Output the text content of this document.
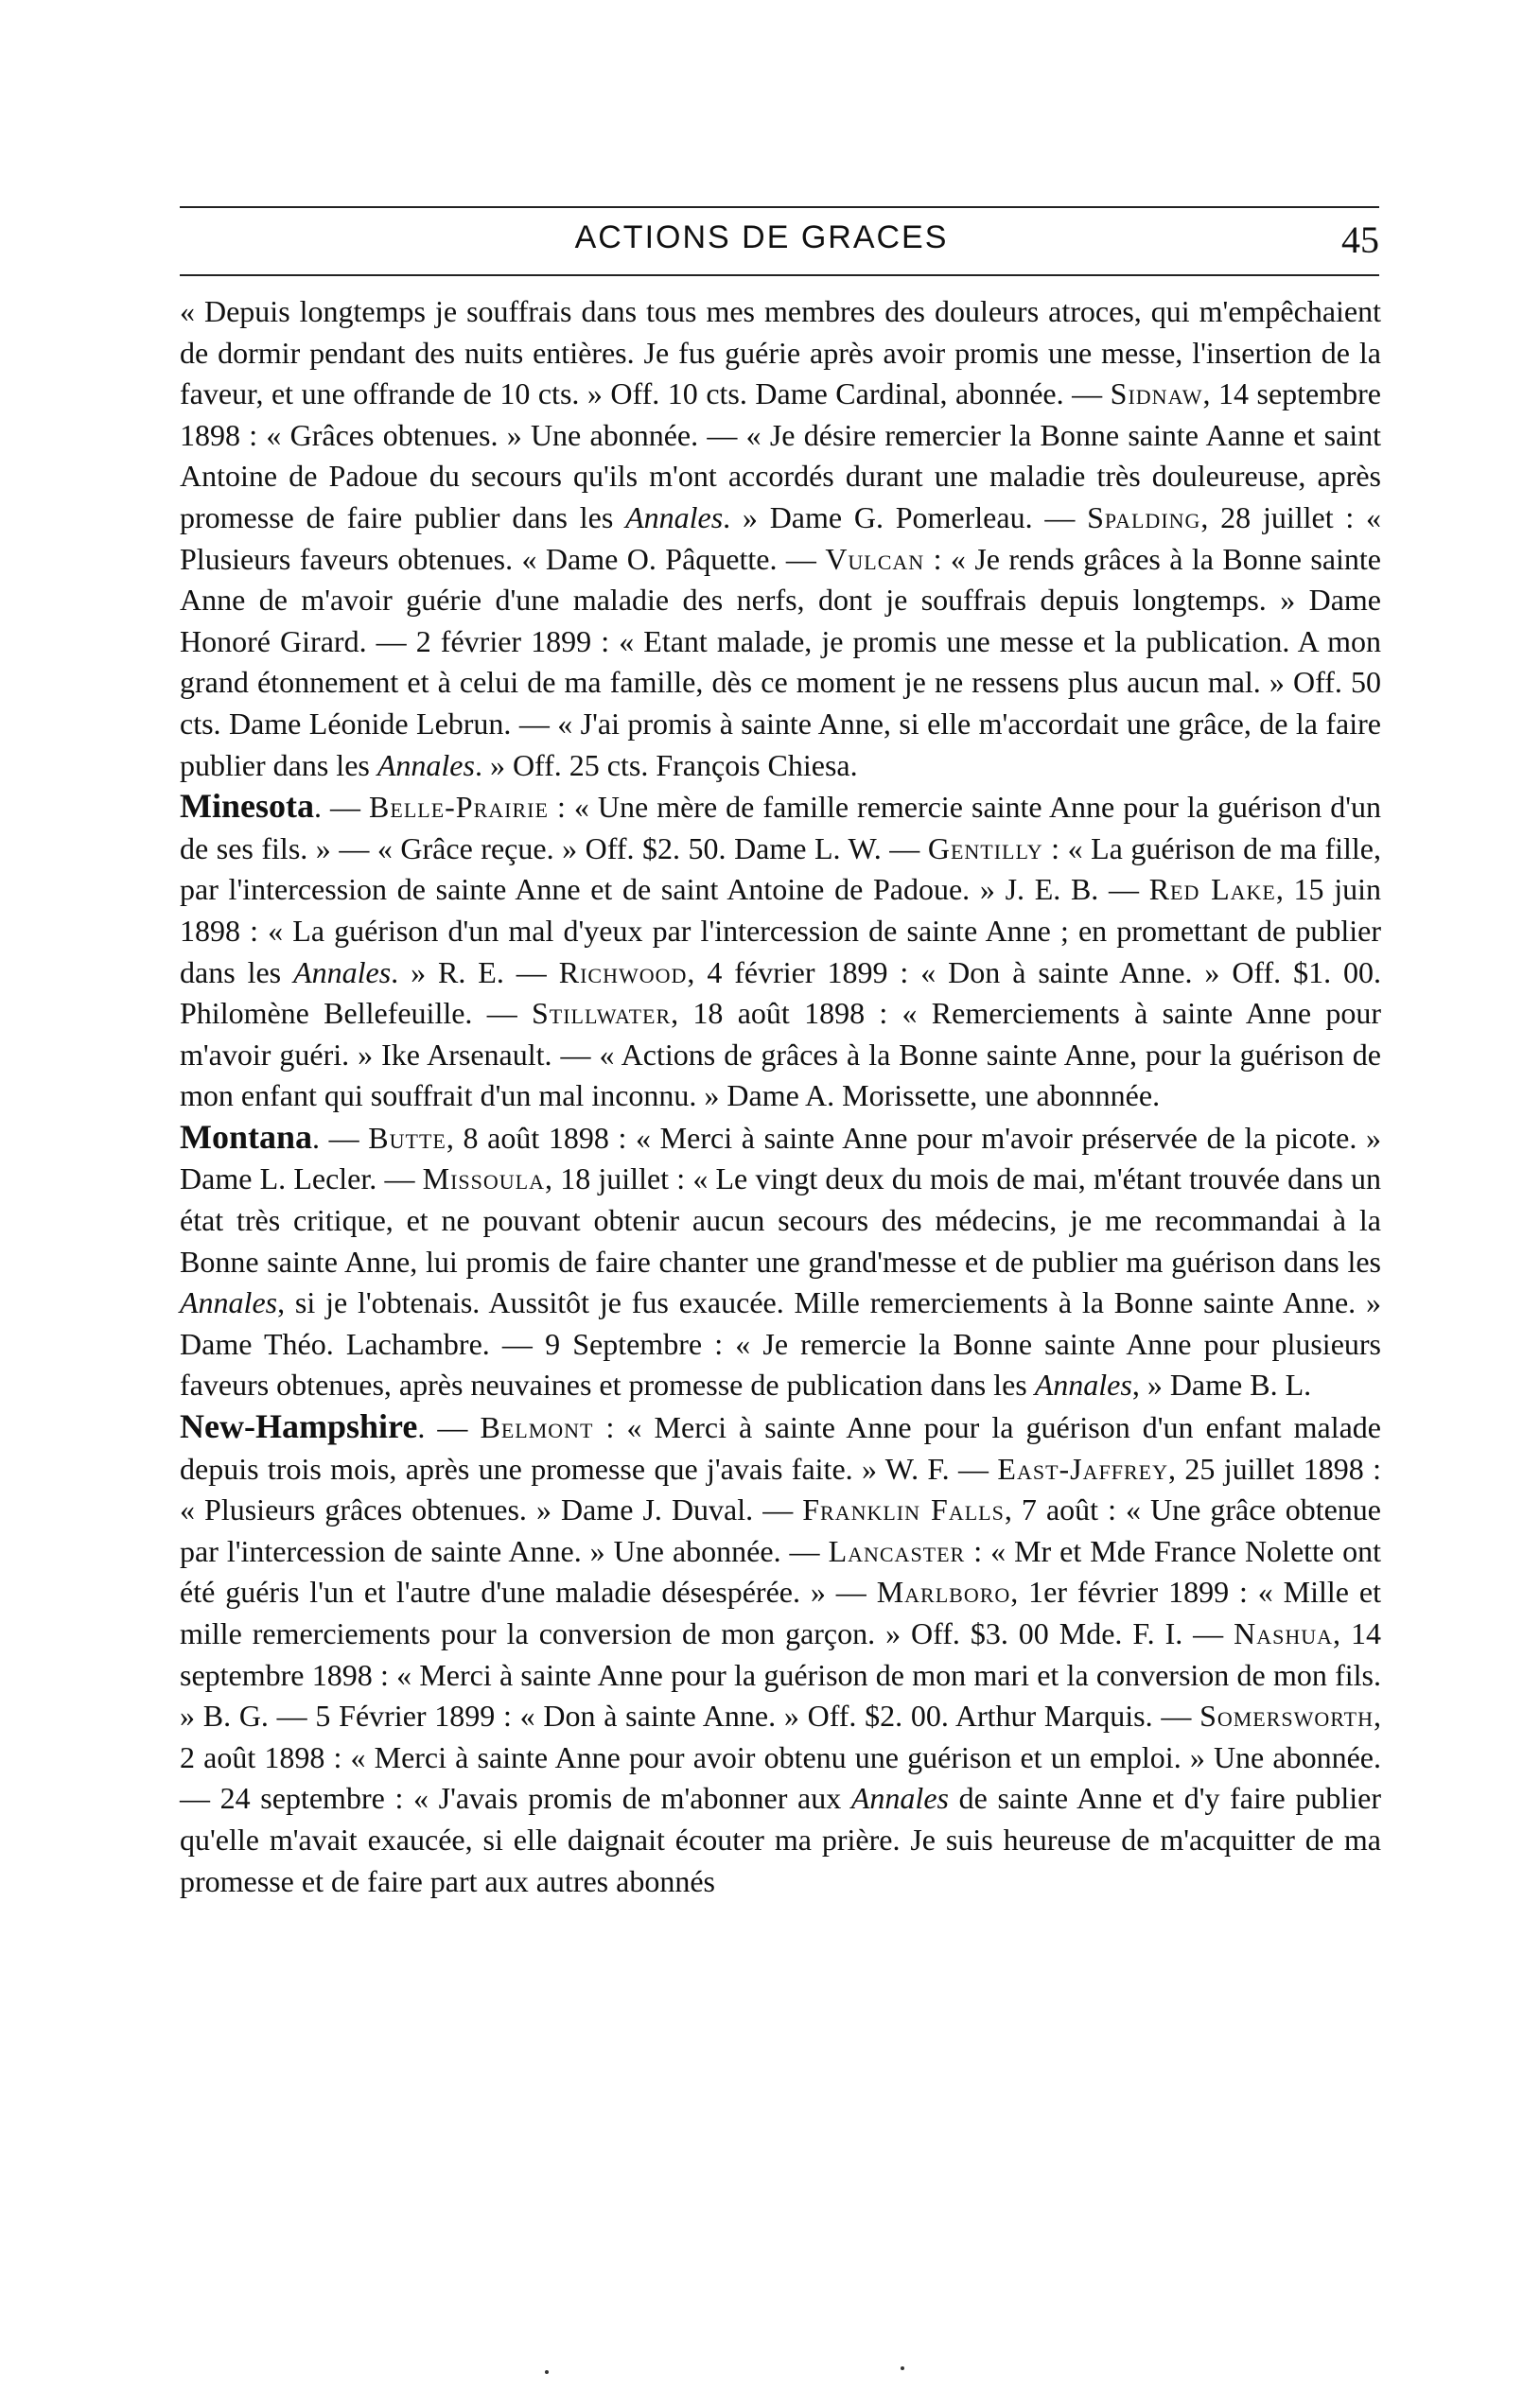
ACTIONS DE GRACES	45

« Depuis longtemps je souffrais dans tous mes membres des douleurs atroces, qui m'empêchaient de dormir pendant des nuits entières. Je fus guérie après avoir promis une messe, l'insertion de la faveur, et une offrande de 10 cts. » Off. 10 cts. Dame Cardinal, abonnée. — Sidnaw, 14 septembre 1898 : « Grâces obtenues. » Une abonnée. — « Je désire remercier la Bonne sainte Aanne et saint Antoine de Padoue du secours qu'ils m'ont accordés durant une maladie très douleureuse, après promesse de faire publier dans les Annales. » Dame G. Pomerleau. — Spalding, 28 juillet : « Plusieurs faveurs obtenues. « Dame O. Pâquette. — Vulcan : « Je rends grâces à la Bonne sainte Anne de m'avoir guérie d'une maladie des nerfs, dont je souffrais depuis longtemps. » Dame Honoré Girard. — 2 février 1899 : « Etant malade, je promis une messe et la publication. A mon grand étonnement et à celui de ma famille, dès ce moment je ne ressens plus aucun mal. » Off. 50 cts. Dame Léonide Lebrun. — « J'ai promis à sainte Anne, si elle m'accordait une grâce, de la faire publier dans les Annales. » Off. 25 cts. François Chiesa.

Minesota. — Belle-Prairie : « Une mère de famille remercie sainte Anne pour la guérison d'un de ses fils. » — « Grâce reçue. » Off. $2. 50. Dame L. W. — Gentilly : « La guérison de ma fille, par l'intercession de sainte Anne et de saint Antoine de Padoue. » J. E. B. — Red Lake, 15 juin 1898 : « La guérison d'un mal d'yeux par l'intercession de sainte Anne ; en promettant de publier dans les Annales. » R. E. — Richwood, 4 février 1899 : « Don à sainte Anne. » Off. $1. 00. Philomène Bellefeuille. — Stillwater, 18 août 1898 : « Remerciements à sainte Anne pour m'avoir guéri. » Ike Arsenault. — « Actions de grâces à la Bonne sainte Anne, pour la guérison de mon enfant qui souffrait d'un mal inconnu. » Dame A. Morissette, une abonnnée.

Montana. — Butte, 8 août 1898 : « Merci à sainte Anne pour m'avoir préservée de la picote. » Dame L. Lecler. — Missoula, 18 juillet : « Le vingt deux du mois de mai, m'étant trouvée dans un état très critique, et ne pouvant obtenir aucun secours des médecins, je me recommandai à la Bonne sainte Anne, lui promis de faire chanter une grand'messe et de publier ma guérison dans les Annales, si je l'obtenais. Aussitôt je fus exaucée. Mille remerciements à la Bonne sainte Anne. » Dame Théo. Lachambre. — 9 Septembre : « Je remercie la Bonne sainte Anne pour plusieurs faveurs obtenues, après neuvaines et promesse de publication dans les Annales, » Dame B. L.

New-Hampshire. — Belmont : « Merci à sainte Anne pour la guérison d'un enfant malade depuis trois mois, après une promesse que j'avais faite. » W. F. — East-Jaffrey, 25 juillet 1898 : « Plusieurs grâces obtenues. » Dame J. Duval. — Franklin Falls, 7 août : « Une grâce obtenue par l'intercession de sainte Anne. » Une abonnée. — Lancaster : « Mr et Mde France Nolette ont été guéris l'un et l'autre d'une maladie désespérée. » — Marlboro, 1er février 1899 : « Mille et mille remerciements pour la conversion de mon garçon. » Off. $3. 00 Mde. F. I. — Nashua, 14 septembre 1898 : « Merci à sainte Anne pour la guérison de mon mari et la conversion de mon fils. » B. G. — 5 Février 1899 : « Don à sainte Anne. » Off. $2. 00. Arthur Marquis. — Somersworth, 2 août 1898 : « Merci à sainte Anne pour avoir obtenu une guérison et un emploi. » Une abonnée. — 24 septembre : « J'avais promis de m'abonner aux Annales de sainte Anne et d'y faire publier qu'elle m'avait exaucée, si elle daignait écouter ma prière. Je suis heureuse de m'acquitter de ma promesse et de faire part aux autres abonnés
